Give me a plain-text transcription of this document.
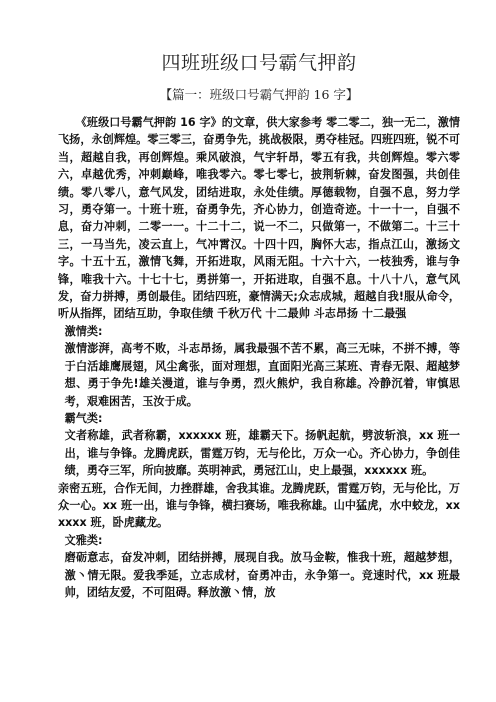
四班班级口号霸气押韵
【篇一：班级口号霸气押韵 16 字】

《班级口号霸气押韵 16 字》的文章，供大家参考 零二零二，独一无二，激情飞扬，永创辉煌。零三零三，奋勇争先，挑战极限，勇夺桂冠。四班四班，锐不可当，超越自我，再创辉煌。乘风破浪，气宇轩昂，零五有我，共创辉煌。零六零六，卓越优秀，冲刺巅峰，唯我零六。零七零七，披荆斩棘，奋发图强，共创佳绩。零八零八，意气风发，团结进取，永处佳绩。厚德载物，自强不息，努力学习，勇夺第一。十班十班，奋勇争先，齐心协力，创造奇迹。十一十一，自强不息，奋力冲刺，二零一一。十二十二，说一不二，只做第一，不做第二。十三十三，一马当先，凌云直上，气冲霄汉。十四十四，胸怀大志，指点江山，激扬文字。十五十五，激情飞舞，开拓进取，风雨无阻。十六十六，一枝独秀，谁与争锋，唯我十六。十七十七，勇拼第一，开拓进取，自强不息。十八十八，意气风发，奋力拼搏，勇创最佳。团结四班，豪情满天;众志成城，超越自我!服从命令，听从指挥，团结互助，争取佳绩 千秋万代 十二最帅 斗志昂扬 十二最强

激情类:

激情澎湃，高考不败，斗志昂扬，属我最强不苦不累，高三无味，不拼不搏，等于白活雄鹰展翅，风尘禽张，面对理想，直面阳光高三某班、青春无限、超越梦想、勇于争先!雄关漫道，谁与争勇，烈火熊炉，我自称雄。冷静沉着，审慎思考，艰难困苦，玉汝于成。

霸气类:

文者称雄，武者称霸，xxxxxx 班，雄霸天下。扬帆起航，劈波斩浪，xx 班一出，谁与争锋。龙腾虎跃，雷霆万钧，无与伦比，万众一心。齐心协力，争创佳绩，勇夺三军，所向披靡。英明神武，勇冠江山，史上最强，xxxxxx 班。

亲密五班，合作无间，力挫群雄，舍我其谁。龙腾虎跃，雷霆万钧，无与伦比，万众一心。xx 班一出，谁与争锋，横扫赛场，唯我称雄。山中猛虎，水中蛟龙，xxxxxx 班，卧虎藏龙。

文雅类:

磨砺意志，奋发冲刺，团结拼搏，展现自我。放马金鞍，惟我十班，超越梦想，激丶情无限。爱我季延，立志成材，奋勇冲击，永争第一。竞速时代，xx 班最帅，团结友爱，不可阻碍。释放激丶情，放
